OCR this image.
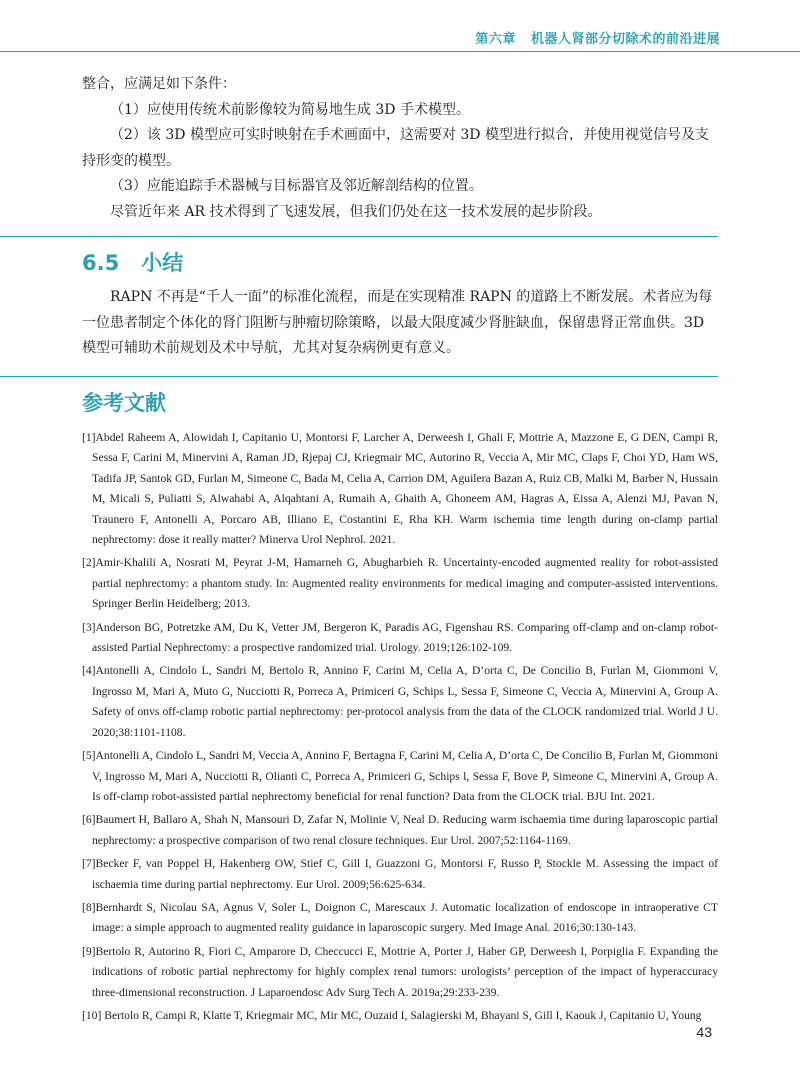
第六章 机器人肾部分切除术的前沿进展

整合，应满足如下条件：

（1）应使用传统术前影像较为简易地生成 3D 手术模型。

（2）该 3D 模型应可实时映射在手术画面中，这需要对 3D 模型进行拟合，并使用视觉信号及支持形变的模型。

（3）应能追踪手术器械与目标器官及邻近解剖结构的位置。

尽管近年来 AR 技术得到了飞速发展，但我们仍处在这一技术发展的起步阶段。

6.5 小结

RAPN 不再是“千人一面”的标准化流程，而是在实现精准 RAPN 的道路上不断发展。术者应为每一位患者制定个体化的肾门阻断与肿瘤切除策略，以最大限度减少肾脏缺血，保留患肾正常血供。3D 模型可辅助术前规划及术中导航，尤其对复杂病例更有意义。

参考文献

[1]Abdel Raheem A, Alowidah I, Capitanio U, Montorsi F, Larcher A, Derweesh I, Ghali F, Mottrie A, Mazzone E, G DEN, Campi R, Sessa F, Carini M, Minervini A, Raman JD, Rjepaj CJ, Kriegmair MC, Autorino R, Veccia A, Mir MC, Claps F, Choi YD, Ham WS, Tadifa JP, Santok GD, Furlan M, Simeone C, Bada M, Celia A, Carrion DM, Aguilera Bazan A, Ruiz CB, Malki M, Barber N, Hussain M, Micali S, Puliatti S, Alwahabi A, Alqahtani A, Rumaih A, Ghaith A, Ghoneem AM, Hagras A, Eissa A, Alenzi MJ, Pavan N, Traunero F, Antonelli A, Porcaro AB, Illiano E, Costantini E, Rha KH. Warm ischemia time length during on-clamp partial nephrectomy: dose it really matter? Minerva Urol Nephrol. 2021.

[2]Amir-Khalili A, Nosrati M, Peyrat J-M, Hamarneh G, Abugharbieh R. Uncertainty-encoded augmented reality for robot-assisted partial nephrectomy: a phantom study. In: Augmented reality environments for medical imaging and computer-assisted interventions. Springer Berlin Heidelberg; 2013.

[3]Anderson BG, Potretzke AM, Du K, Vetter JM, Bergeron K, Paradis AG, Figenshau RS. Comparing off-clamp and on-clamp robot-assisted Partial Nephrectomy: a prospective randomized trial. Urology. 2019;126:102-109.

[4]Antonelli A, Cindolo L, Sandri M, Bertolo R, Annino F, Carini M, Celia A, D’orta C, De Concilio B, Furlan M, Giommoni V, Ingrosso M, Mari A, Muto G, Nucciotti R, Porreca A, Primiceri G, Schips L, Sessa F, Simeone C, Veccia A, Minervini A, Group A. Safety of onvs off-clamp robotic partial nephrectomy: per-protocol analysis from the data of the CLOCK randomized trial. World J U. 2020;38:1101-1108.

[5]Antonelli A, Cindolo L, Sandri M, Veccia A, Annino F, Bertagna F, Carini M, Celia A, D’orta C, De Concilio B, Furlan M, Giommoni V, Ingrosso M, Mari A, Nucciotti R, Olianti C, Porreca A, Primiceri G, Schips l, Sessa F, Bove P, Simeone C, Minervini A, Group A. Is off-clamp robot-assisted partial nephrectomy beneficial for renal function? Data from the CLOCK trial. BJU Int. 2021.

[6]Baumert H, Ballaro A, Shah N, Mansouri D, Zafar N, Molinie V, Neal D. Reducing warm ischaemia time during laparoscopic partial nephrectomy: a prospective comparison of two renal closure techniques. Eur Urol. 2007;52:1164-1169.

[7]Becker F, van Poppel H, Hakenberg OW, Stief C, Gill I, Guazzoni G, Montorsi F, Russo P, Stockle M. Assessing the impact of ischaemia time during partial nephrectomy. Eur Urol. 2009;56:625-634.

[8]Bernhardt S, Nicolau SA, Agnus V, Soler L, Doignon C, Marescaux J. Automatic localization of endoscope in intraoperative CT image: a simple approach to augmented reality guidance in laparoscopic surgery. Med Image Anal. 2016;30:130-143.

[9]Bertolo R, Autorino R, Fiori C, Amparore D, Checcucci E, Mottrie A, Porter J, Haber GP, Derweesh I, Porpiglia F. Expanding the indications of robotic partial nephrectomy for highly complex renal tumors: urologists’ perception of the impact of hyperaccuracy three-dimensional reconstruction. J Laparoendosc Adv Surg Tech A. 2019a;29:233-239.

[10] Bertolo R, Campi R, Klatte T, Kriegmair MC, Mir MC, Ouzaid I, Salagierski M, Bhayani S, Gill I, Kaouk J, Capitanio U, Young

43
